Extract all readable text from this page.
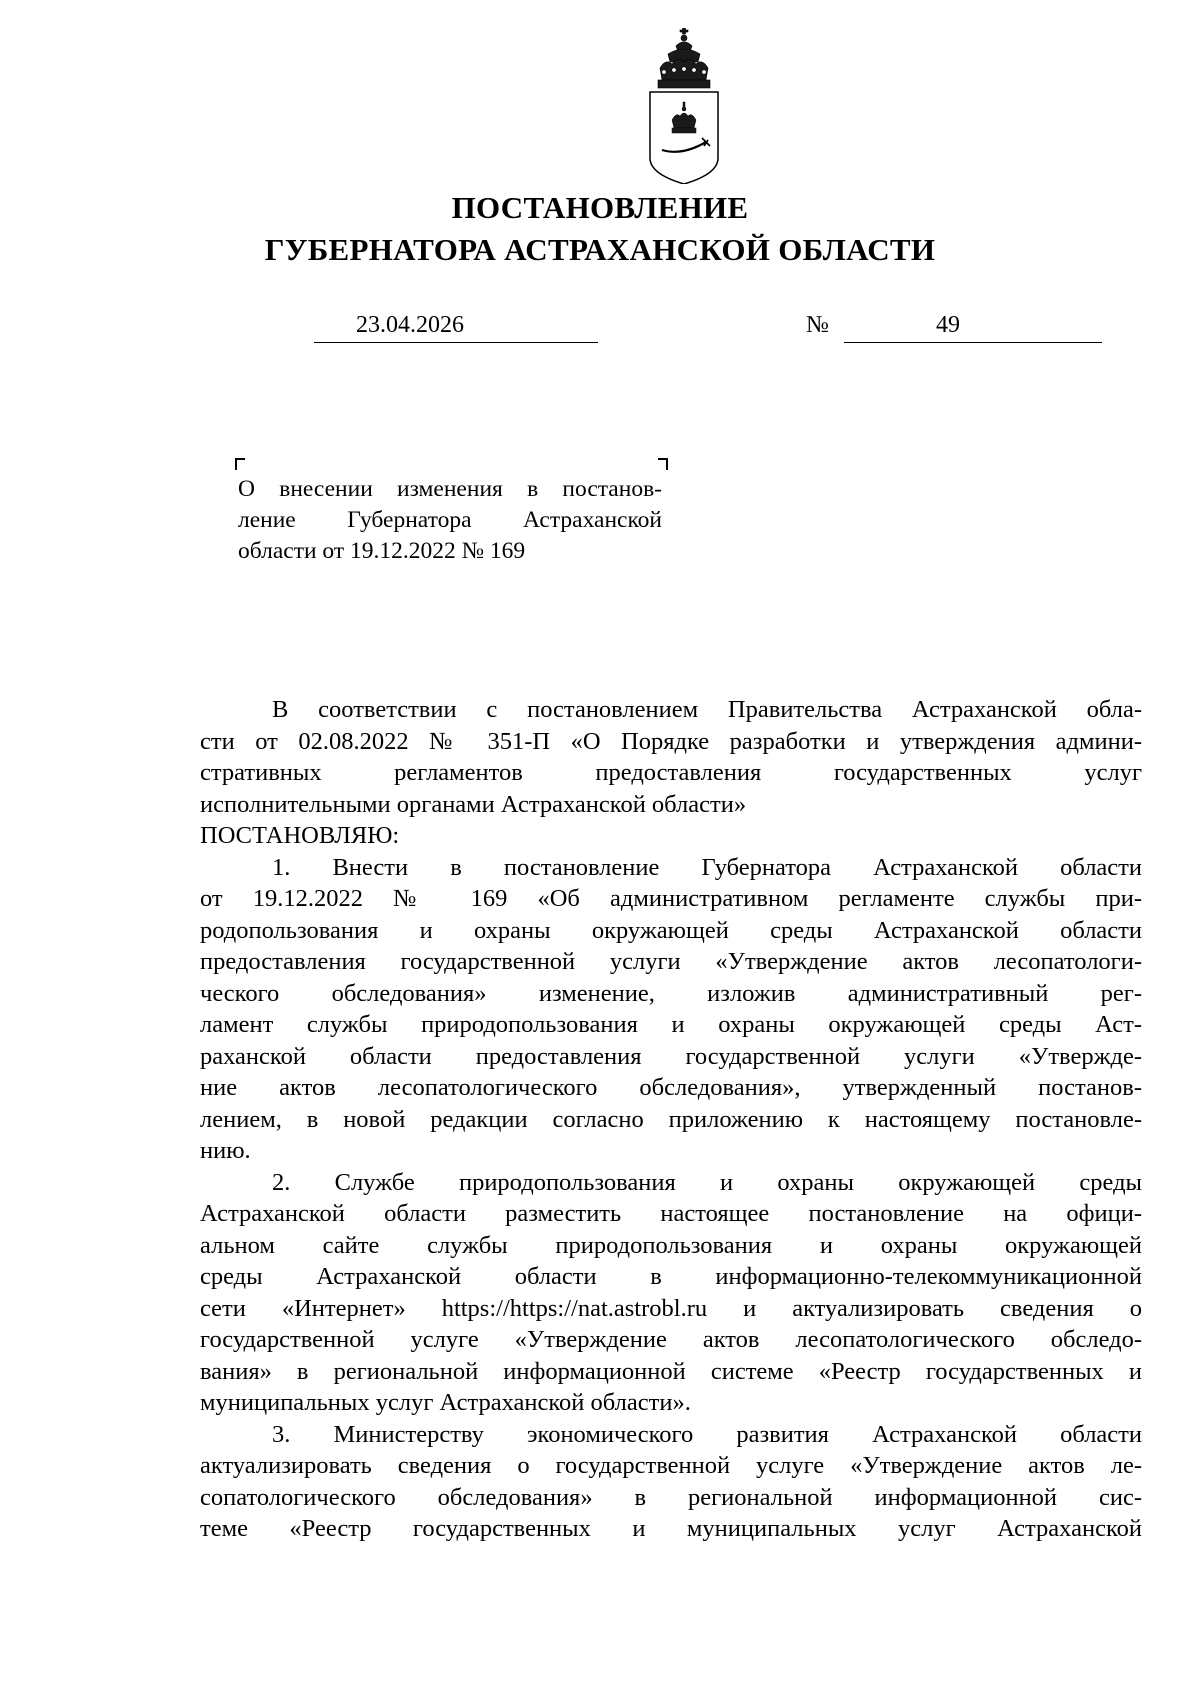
ПОСТАНОВЛЕНИЕ
ГУБЕРНАТОРА АСТРАХАНСКОЙ ОБЛАСТИ
23.04.2026	№	49
О внесении изменения в постанов-
ление Губернатора Астраханской
области от 19.12.2022 № 169
В соответствии с постановлением Правительства Астраханской обла-
сти от 02.08.2022 № 351-П «О Порядке разработки и утверждения админи-
стративных регламентов предоставления государственных услуг
исполнительными органами Астраханской области»
ПОСТАНОВЛЯЮ:
1. Внести в постановление Губернатора Астраханской области
от 19.12.2022 № 169 «Об административном регламенте службы при-
родопользования и охраны окружающей среды Астраханской области
предоставления государственной услуги «Утверждение актов лесопатологи-
ческого обследования» изменение, изложив административный рег-
ламент службы природопользования и охраны окружающей среды Аст-
раханской области предоставления государственной услуги «Утвержде-
ние актов лесопатологического обследования», утвержденный постанов-
лением, в новой редакции согласно приложению к настоящему постановле-
нию.
2. Службе природопользования и охраны окружающей среды
Астраханской области разместить настоящее постановление на офици-
альном сайте службы природопользования и охраны окружающей
среды Астраханской области в информационно-телекоммуникационной
сети «Интернет» https://https://nat.astrobl.ru и актуализировать сведения о
государственной услуге «Утверждение актов лесопатологического обследо-
вания» в региональной информационной системе «Реестр государственных и
муниципальных услуг Астраханской области».
3. Министерству экономического развития Астраханской области
актуализировать сведения о государственной услуге «Утверждение актов ле-
сопатологического обследования» в региональной информационной сис-
теме «Реестр государственных и муниципальных услуг Астраханской
